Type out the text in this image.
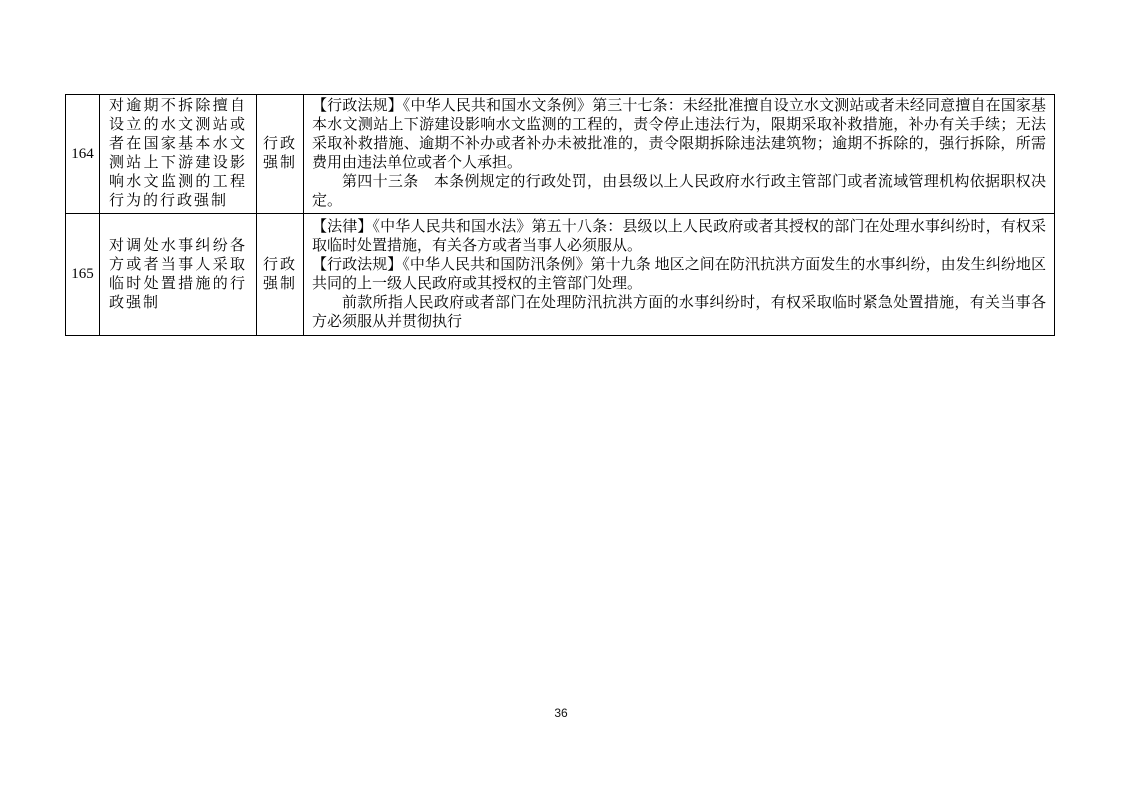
164	对逾期不拆除擅自设立的水文测站或者在国家基本水文测站上下游建设影响水文监测的工程行为的行政强制	行政强制	【行政法规】《中华人民共和国水文条例》第三十七条：未经批准擅自设立水文测站或者未经同意擅自在国家基本水文测站上下游建设影响水文监测的工程的，责令停止违法行为，限期采取补救措施，补办有关手续；无法采取补救措施、逾期不补办或者补办未被批准的，责令限期拆除违法建筑物；逾期不拆除的，强行拆除，所需费用由违法单位或者个人承担。

第四十三条　本条例规定的行政处罚，由县级以上人民政府水行政主管部门或者流域管理机构依据职权决定。

165	对调处水事纠纷各方或者当事人采取临时处置措施的行政强制	行政强制	【法律】《中华人民共和国水法》第五十八条：县级以上人民政府或者其授权的部门在处理水事纠纷时，有权采取临时处置措施，有关各方或者当事人必须服从。

【行政法规】《中华人民共和国防汛条例》第十九条 地区之间在防汛抗洪方面发生的水事纠纷，由发生纠纷地区共同的上一级人民政府或其授权的主管部门处理。

前款所指人民政府或者部门在处理防汛抗洪方面的水事纠纷时，有权采取临时紧急处置措施，有关当事各方必须服从并贯彻执行

36
